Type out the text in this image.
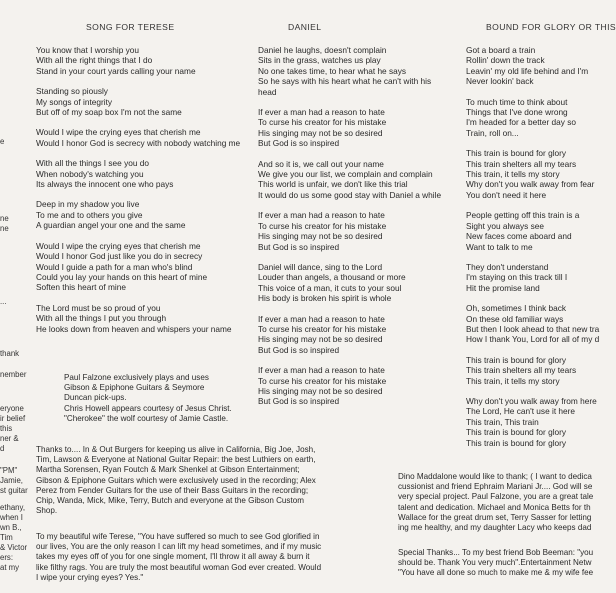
SONG FOR TERESE	DANIEL	BOUND FOR GLORY OR THIS
You know that I worship you
With all the right things that I do
Stand in your court yards calling your name
Standing so piously
My songs of integrity
But off of my soap box I'm not the same
Would I wipe the crying eyes that cherish me
Would I honor God is secrecy with nobody watching me
With all the things I see you do
When nobody's watching you
Its always the innocent one who pays
Deep in my shadow you live
To me and to others you give
A guardian angel your one and the same
Would I wipe the crying eyes that cherish me
Would I honor God just like you do in secrecy
Would I guide a path for a man who's blind
Could you lay your hands on this heart of mine
Soften this heart of mine
The Lord must be so proud of you
With all the things I put you through
He looks down from heaven and whispers your name
Daniel he laughs, doesn't complain
Sits in the grass, watches us play
No one takes time, to hear what he says
So he says with his heart what he can't with his
head
If ever a man had a reason to hate
To curse his creator for his mistake
His singing may not be so desired
But God is so inspired
And so it is, we call out your name
We give you our list, we complain and complain
This world is unfair, we don't like this trial
It would do us some good stay with Daniel a while
If ever a man had a reason to hate
To curse his creator for his mistake
His singing may not be so desired
But God is so inspired
Daniel will dance, sing to the Lord
Louder than angels, a thousand or more
This voice of a man, it cuts to your soul
His body is broken his spirit is whole
If ever a man had a reason to hate
To curse his creator for his mistake
His singing may not be so desired
But God is so inspired
If ever a man had a reason to hate
To curse his creator for his mistake
His singing may not be so desired
But God is so inspired
Got a board a train
Rollin' down the track
Leavin' my old life behind and I'm
Never lookin' back
To much time to think about
Things that I've done wrong
I'm headed for a better day so
Train, roll on...
This train is bound for glory
This train shelters all my tears
This train, it tells my story
Why don't you walk away from fear
You don't need it here
People getting off this train is a
Sight you always see
New faces come aboard and
Want to talk to me
They don't understand
I'm staying on this track till I
Hit the promise land
Oh, sometimes I think back
On these old familiar ways
But then I look ahead to that new tra
How I thank You, Lord for all of my d
This train is bound for glory
This train shelters all my tears
This train, it tells my story
Why don't you walk away from here
The Lord, He can't use it here
This train, This train
This train is bound for glory
This train is bound for glory
e
ne
ne
...
thank
nember
eryone
ir belief
this
ner &
d
"PM"
Jamie,
st guitar
ethany,
when I
wn B.,
Tim
& Victor
ers:
at my
Paul Falzone exclusively plays and uses
Gibson & Epiphone Guitars & Seymore
Duncan pick-ups.
Chris Howell appears courtesy of Jesus Christ.
"Cherokee" the wolf courtesy of Jamie Castle.
Thanks to.... In & Out Burgers for keeping us alive in California, Big Joe, Josh,
Tim, Lawson & Everyone at National Guitar Repair: the best Luthiers on earth,
Martha Sorensen, Ryan Foutch & Mark Shenkel at Gibson Entertainment;
Gibson & Epiphone Guitars which were exclusively used in the recording; Alex
Perez from Fender Guitars for the use of their Bass Guitars in the recording;
Chip, Wanda, Mick, Mike, Terry, Butch and everyone at the Gibson Custom
Shop.
To my beautiful wife Terese, "You have suffered so much to see God glorified in
our lives, You are the only reason I can lift my head sometimes, and if my music
takes my eyes off of you for one single moment, I'll throw it all away & burn it
like filthy rags. You are truly the most beautiful woman God ever created. Would
I wipe your crying eyes? Yes."
Dino Maddalone would like to thank; ( I want to dedica
cussionist and friend Ephraim Mariani Jr.... God will se
very special project. Paul Falzone, you are a great tale
talent and dedication. Michael and Monica Betts for th
Wallace for the great drum set, Terry Sasser for letting
ing me healthy, and my daughter Lacy who keeps dad
Special Thanks... To my best friend Bob Beeman: "you
should be. Thank You very much".Entertainment Netw
"You have all done so much to make me & my wife fee
